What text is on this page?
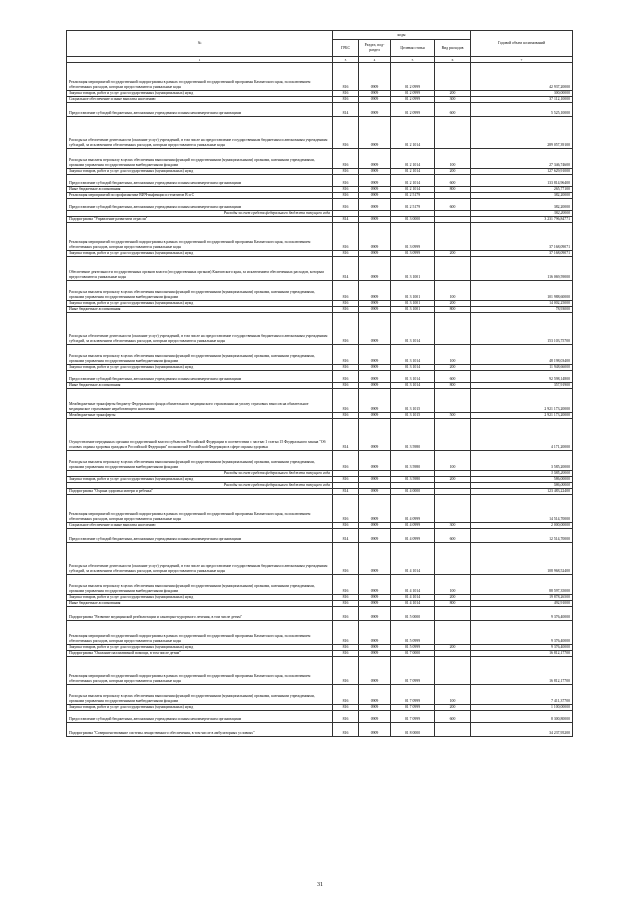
№	коды				Годовой объем ассигнований
	ГРБС	Раздел, под-раздел	Целевая статья	Вид расходов	
1	3	4	5	6	7
Реализация мероприятий государственной подпрограммы в рамках государственной государственной программы Камчатского края, за исключением обеспеченных расходов, которым предоставляются уникальные коды	816	0909	01 2 0999		42 937,20000
Закупка товаров, работ и услуг для государственных (муниципальных) нужд	816	0909	01 2 0999	200	300,00000
Социальное обеспечение и иные выплаты населению	816	0909	01 2 0999	300	37 112,10000
Предоставление субсидий бюджетным, автономным учреждениям и иным некоммерческим организациям	814	0909	01 2 0999	600	5 525,10000
Расходы на обеспечение деятельности (оказание услуг) учреждений, в том числе на предоставление государственным бюджетным и автономным учреждениям субсидий, за исключением обеспеченных расходов, которым предоставляются уникальные коды	816	0909	01 2 1014		289 057,39100
Расходы на выплаты персоналу в целях обеспечения выполнения функций государственными (муниципальными) органами, казенными учреждениями, органами управления государственными внебюджетными фондами	816	0909	01 2 1014	100	27 346,74600
Закупка товаров, работ и услуг для государственных (муниципальных) нужд	816	0909	01 2 1014	200	127 629,91000
Предоставление субсидий бюджетным, автономным учреждениям и иным некоммерческим организациям	816	0909	01 2 1014	600	133 814,96400
Иные бюджетные ассигнования	816	0909	01 2 1014	800	265,77100
Реализация мероприятий по профилактике ВИЧ-инфекции и гепатитов В и С	816	0909	01 2 5179		382,20000
Предоставление субсидий бюджетным, автономным учреждениям и иным некоммерческим организациям	816	0909	01 2 5179	600	382,20000
Расходы за счет средств федерального бюджета текущего года					382,20000
Подпрограмма "Управление развитием отрасли"	814	0909	01 3 0000		3 231 796,84771
Реализация мероприятий государственной подпрограммы в рамках государственной государственной программы Камчатского края, за исключением обеспеченных расходов, которым предоставляются уникальные коды	816	0909	01 3 0999		37 168,09071
Закупка товаров, работ и услуг для государственных (муниципальных) нужд	816	0909	01 3 0999	200	37 168,09071
Обеспечение деятельности государственных органов власти (государственных органов) Камчатского края, за исключением обеспеченных расходов, которым предоставляются уникальные коды	814	0909	01 3 1001		116 069,59000
Расходы на выплаты персоналу в целях обеспечения выполнения функций государственными (муниципальными) органами, казенными учреждениями, органами управления государственными внебюджетными фондами	816	0909	01 3 1001	100	101 988,60000
Закупка товаров, работ и услуг для государственных (муниципальных) нужд	816	0909	01 3 1001	200	14 002,25000
Иные бюджетные ассигнования	816	0909	01 3 1001	800	78,93000
Расходы на обеспечение деятельности (оказание услуг) учреждений, в том числе на предоставление государственным бюджетным и автономным учреждениям субсидий, за исключением обеспеченных расходов, которым предоставляются уникальные коды	816	0909	01 3 1014		153 103,75700
Расходы на выплаты персоналу в целях обеспечения выполнения функций государственными (муниципальными) органами, казенными учреждениями, органами управления государственными внебюджетными фондами	816	0909	01 3 1014	100	48 198,03400
Закупка товаров, работ и услуг для государственных (муниципальных) нужд	816	0909	01 3 1014	200	11 948,66000
Предоставление субсидий бюджетным, автономным учреждениям и иным некоммерческим организациям	816	0909	01 3 1014	600	92 598,14800
Иные бюджетные ассигнования	816	0909	01 3 1014	800	357,91900
Межбюджетные трансферты бюджету Федерального фонда обязательного медицинского страхования на уплату страховых взносов на обязательное медицинское страхование неработающего населения	816	0909	01 3 1015		2 921 173,20000
Межбюджетные трансферты	816	0909	01 3 1015	500	2 921 173,20000
Осуществление переданных органам государственной власти субъектов Российской Федерации в соответствии с частью 1 статьи 15 Федерального закона "Об основах охраны здоровья граждан в Российской Федерации" полномочий Российской Федерации в сфере охраны здоровья	814	0909	01 3 5980		4 171,20000
Расходы на выплаты персоналу в целях обеспечения выполнения функций государственными (муниципальными) органами, казенными учреждениями, органами управления государственными внебюджетными фондами	816	0909	01 3 5980	100	3 585,20000
Расходы за счет средств федерального бюджета текущего года					3 585,20000
Закупка товаров, работ и услуг для государственных (муниципальных) нужд	816	0909	01 3 5980	200	586,00000
Расходы за счет средств федерального бюджета текущего года					586,00000
Подпрограмма "Охрана здоровья матери и ребенка"	814	0909	01 4 0000		123 483,22400
Реализация мероприятий государственной подпрограммы в рамках государственной государственной программы Камчатского края, за исключением обеспеченных расходов, которым предоставляются уникальные коды	816	0909	01 4 0999		14 514,70000
Социальное обеспечение и иные выплаты населению	816	0909	01 4 0999	300	2 000,00000
Предоставление субсидий бюджетным, автономным учреждениям и иным некоммерческим организациям	814	0909	01 4 0999	600	12 514,70000
Расходы на обеспечение деятельности (оказание услуг) учреждений, в том числе на предоставление государственным бюджетным и автономным учреждениям субсидий, за исключением обеспеченных расходов, которым предоставляются уникальные коды	816	0909	01 4 1014		108 968,52400
Расходы на выплаты персоналу в целях обеспечения выполнения функций государственными (муниципальными) органами, казенными учреждениями, органами управления государственными внебюджетными фондами	816	0909	01 4 1014	100	88 597,35000
Закупка товаров, работ и услуг для государственных (муниципальных) нужд	816	0909	01 4 1014	200	19 878,26500
Иные бюджетные ассигнования	816	0909	01 4 1014	800	492,91000
Подпрограмма "Развитие медицинской реабилитации и санаторно-курортного лечения, в том числе детям"	816	0909	01 5 0000		9 376,40000
Реализация мероприятий государственной подпрограммы в рамках государственной государственной программы Камчатского края, за исключением обеспеченных расходов, которым предоставляются уникальные коды	816	0909	01 5 0999		9 376,40000
Закупка товаров, работ и услуг для государственных (муниципальных) нужд	816	0909	01 5 0999	200	9 376,40000
Подпрограмма "Оказание паллиативной помощи, в том числе детям"	816	0909	01 7 0000		16 812,17700
Реализация мероприятий государственной подпрограммы в рамках государственной государственной программы Камчатского края, за исключением обеспеченных расходов, которым предоставляются уникальные коды	816	0909	01 7 0999		16 812,17700
Расходы на выплаты персоналу в целях обеспечения выполнения функций государственными (муниципальными) органами, казенными учреждениями, органами управления государственными внебюджетными фондами	816	0909	01 7 0999	100	7 411,37700
Закупка товаров, работ и услуг для государственных (муниципальных) нужд	816	0909	01 7 0999	200	1 100,00000
Предоставление субсидий бюджетным, автономным учреждениям и иным некоммерческим организациям	816	0909	01 7 0999	600	8 300,80000
Подпрограмма "Совершенствование системы лекарственного обеспечения, в том числе в амбулаторных условиях"	816	0909	01 8 0000		34 237,95200
31
